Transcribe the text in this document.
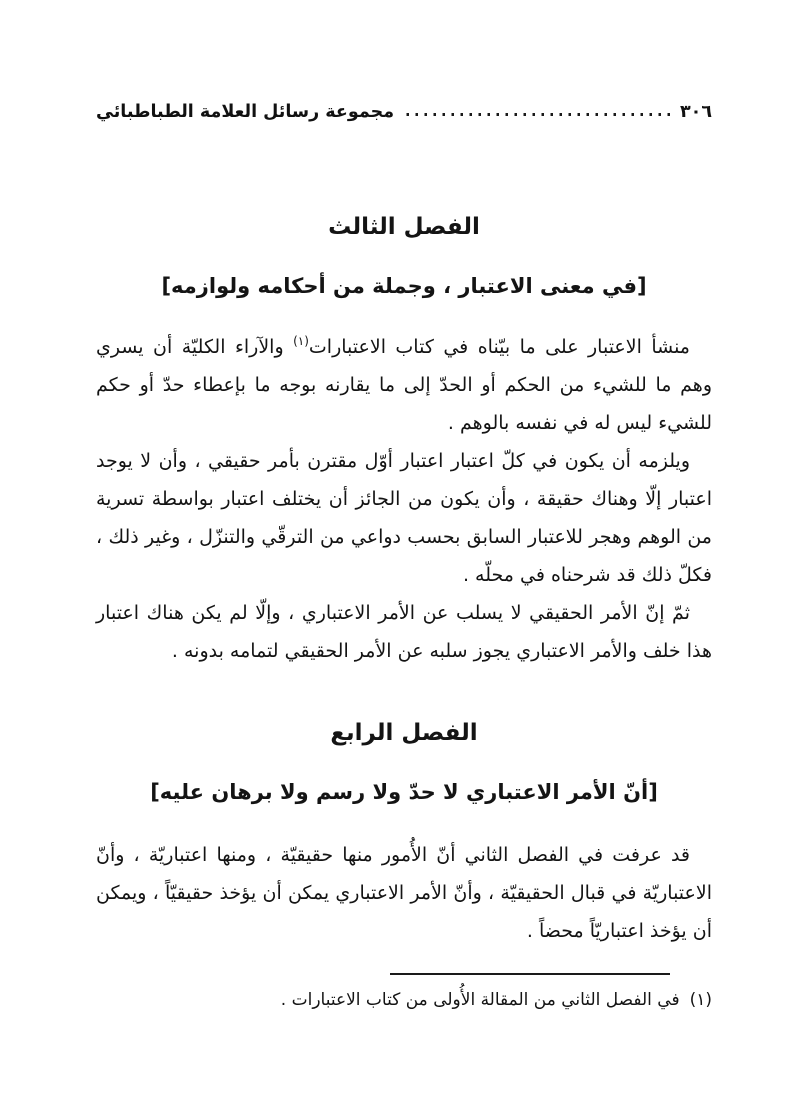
٣٠٦
مجموعة رسائل العلامة الطباطبائي
الفصل الثالث
[في معنى الاعتبار ، وجملة من أحكامه ولوازمه]

منشأ الاعتبار على ما بيّناه في كتاب الاعتبارات$^{(١)}$ والآراء الكليّة أن يسري وهم ما للشيء من الحكم أو الحدّ إلى ما يقارنه بوجه ما بإعطاء حدّ أو حكم للشيء ليس له في نفسه بالوهم .

ويلزمه أن يكون في كلّ اعتبار اعتبار أوّل مقترن بأمر حقيقي ، وأن لا يوجد اعتبار إلّا وهناك حقيقة ، وأن يكون من الجائز أن يختلف اعتبار بواسطة تسرية من الوهم وهجر للاعتبار السابق بحسب دواعي من الترقّي والتنزّل ، وغير ذلك ، فكلّ ذلك قد شرحناه في محلّه .

ثمّ إنّ الأمر الحقيقي لا يسلب عن الأمر الاعتباري ، وإلّا لم يكن هناك اعتبار هذا خلف والأمر الاعتباري يجوز سلبه عن الأمر الحقيقي لتمامه بدونه .

الفصل الرابع
[أنّ الأمر الاعتباري لا حدّ ولا رسم ولا برهان عليه]

قد عرفت في الفصل الثاني أنّ الأُمور منها حقيقيّة ، ومنها اعتباريّة ، وأنّ الاعتباريّة في قبال الحقيقيّة ، وأنّ الأمر الاعتباري يمكن أن يؤخذ حقيقيّاً ، ويمكن أن يؤخذ اعتباريّاً محضاً .

(١)في الفصل الثاني من المقالة الأُولى من كتاب الاعتبارات .
